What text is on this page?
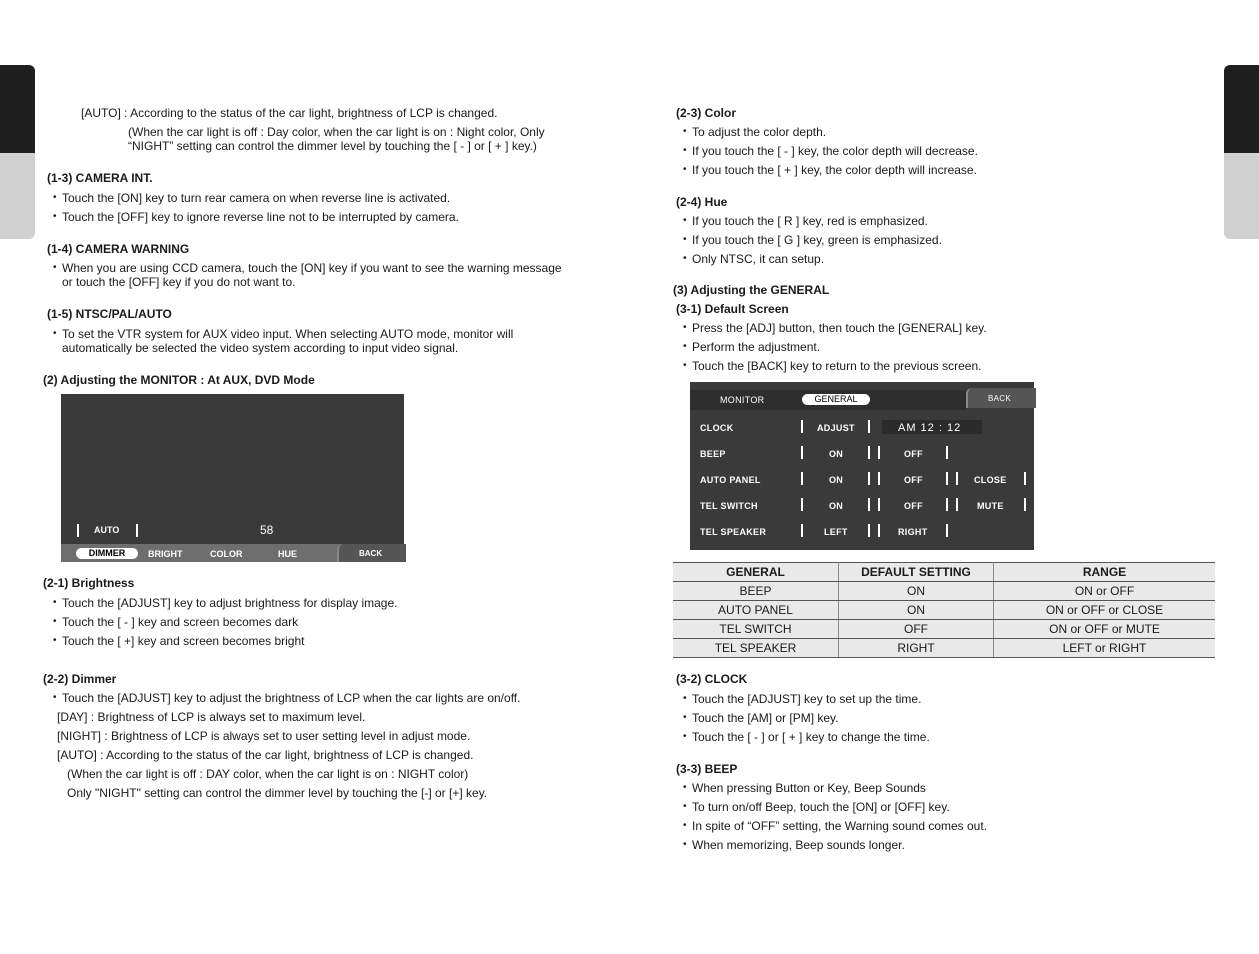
[AUTO] : According to the status of the car light, brightness of LCP is changed.
(When the car light is off : Day color, when the car light is on : Night color, Only
“NIGHT” setting can control the dimmer level by touching the [ - ] or [ + ] key.)
(1-3) CAMERA INT.
• Touch the [ON] key to turn rear camera on when reverse line is activated.
• Touch the [OFF] key to ignore reverse line not to be interrupted by camera.
(1-4) CAMERA WARNING
• When you are using CCD camera, touch the [ON] key if you want to see the warning message
or touch the [OFF] key if you do not want to.
(1-5) NTSC/PAL/AUTO
• To set the VTR system for AUX video input. When selecting AUTO mode, monitor will
automatically be selected the video system according to input video signal.
(2) Adjusting the MONITOR : At AUX, DVD Mode
AUTO	58
DIMMER	BRIGHT	COLOR	HUE	BACK
(2-1) Brightness
• Touch the [ADJUST] key to adjust brightness for display image.
• Touch the [ - ] key and screen becomes dark
• Touch the [ +] key and screen becomes bright
(2-2) Dimmer
• Touch the [ADJUST] key to adjust the brightness of LCP when the car lights are on/off.
[DAY] : Brightness of LCP is always set to maximum level.
[NIGHT] : Brightness of LCP is always set to user setting level in adjust mode.
[AUTO] : According to the status of the car light, brightness of LCP is changed.
(When the car light is off : DAY color, when the car light is on : NIGHT color)
Only "NIGHT" setting can control the dimmer level by touching the [-] or [+] key.
(2-3) Color
• To adjust the color depth.
• If you touch the [ - ] key, the color depth will decrease.
• If you touch the [ + ] key, the color depth will increase.
(2-4) Hue
• If you touch the [ R ] key, red is emphasized.
• If you touch the [ G ] key, green is emphasized.
• Only NTSC, it can setup.
(3) Adjusting the GENERAL
(3-1) Default Screen
• Press the [ADJ] button, then touch the [GENERAL] key.
• Perform the adjustment.
• Touch the [BACK] key to return to the previous screen.
MONITOR	GENERAL	BACK
CLOCK	ADJUST	AM 12 : 12
BEEP	ON	OFF
AUTO PANEL	ON	OFF	CLOSE
TEL SWITCH	ON	OFF	MUTE
TEL SPEAKER	LEFT	RIGHT
GENERAL	DEFAULT SETTING	RANGE
BEEP	ON	ON or OFF
AUTO PANEL	ON	ON or OFF or CLOSE
TEL SWITCH	OFF	ON or OFF or MUTE
TEL SPEAKER	RIGHT	LEFT or RIGHT
(3-2) CLOCK
• Touch the [ADJUST] key to set up the time.
• Touch the [AM] or [PM] key.
• Touch the [ - ] or [ + ] key to change the time.
(3-3) BEEP
• When pressing Button or Key, Beep Sounds
• To turn on/off Beep, touch the [ON] or [OFF] key.
• In spite of “OFF” setting, the Warning sound comes out.
• When memorizing, Beep sounds longer.
